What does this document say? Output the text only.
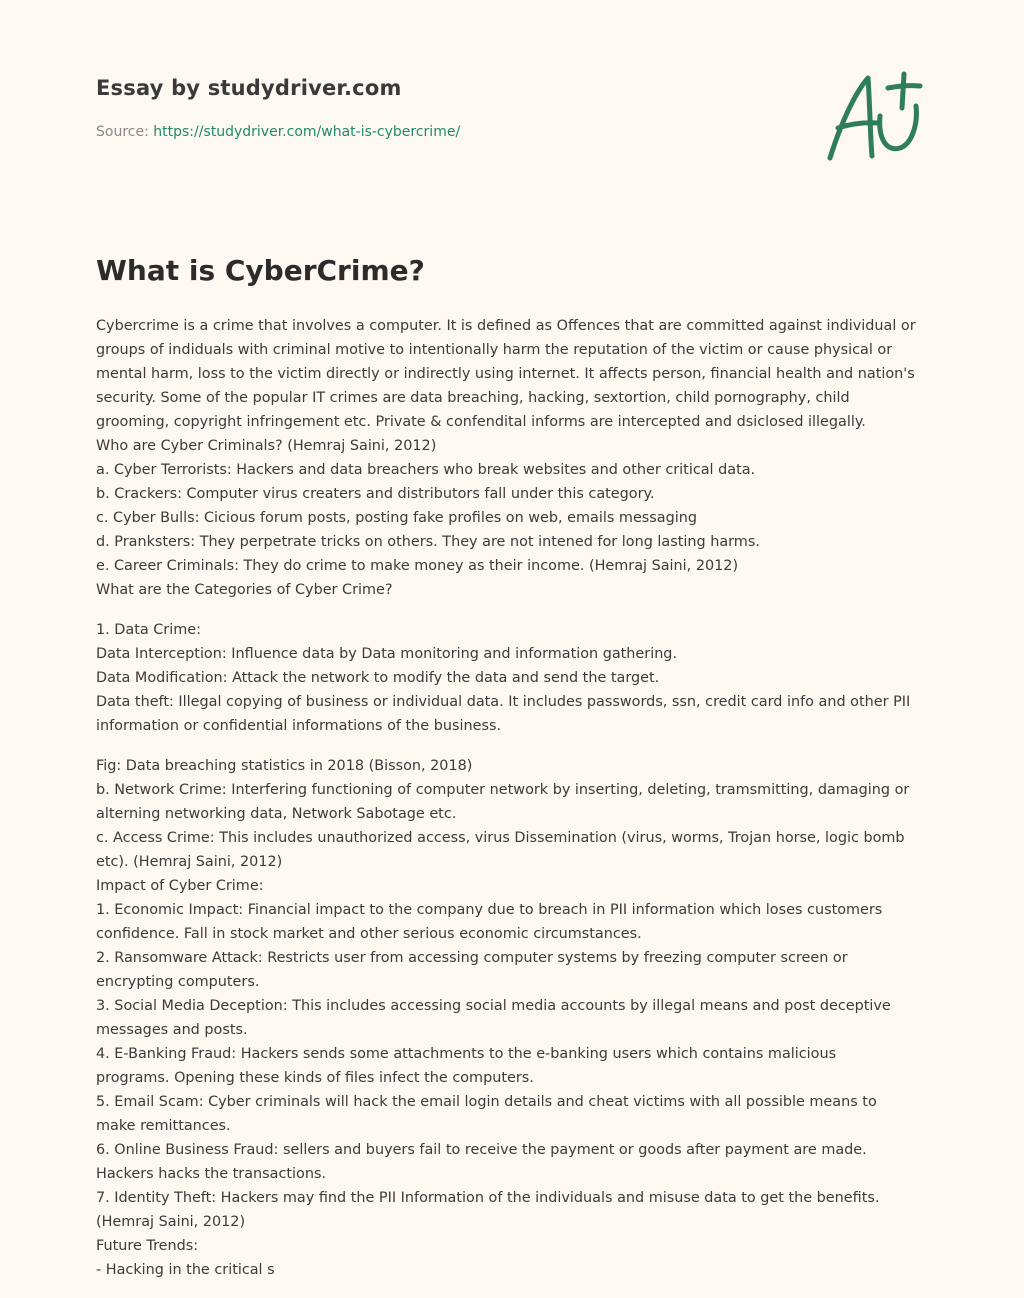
Essay by studydriver.com
Source: https://studydriver.com/what-is-cybercrime/
What is CyberCrime?

Cybercrime is a crime that involves a computer. It is defined as Offences that are committed against individual or

groups of indiduals with criminal motive to intentionally harm the reputation of the victim or cause physical or

mental harm, loss to the victim directly or indirectly using internet. It affects person, financial health and nation's

security. Some of the popular IT crimes are data breaching, hacking, sextortion, child pornography, child

grooming, copyright infringement etc. Private & confendital informs are intercepted and dsiclosed illegally.

Who are Cyber Criminals? (Hemraj Saini, 2012)

a. Cyber Terrorists: Hackers and data breachers who break websites and other critical data.

b. Crackers: Computer virus creaters and distributors fall under this category.

c. Cyber Bulls: Cicious forum posts, posting fake profiles on web, emails messaging

d. Pranksters: They perpetrate tricks on others. They are not intened for long lasting harms.

e. Career Criminals: They do crime to make money as their income. (Hemraj Saini, 2012)

What are the Categories of Cyber Crime?

1. Data Crime:

Data Interception: Influence data by Data monitoring and information gathering.

Data Modification: Attack the network to modify the data and send the target.

Data theft: Illegal copying of business or individual data. It includes passwords, ssn, credit card info and other PII

information or confidential informations of the business.

Fig: Data breaching statistics in 2018 (Bisson, 2018)

b. Network Crime: Interfering functioning of computer network by inserting, deleting, tramsmitting, damaging or

alterning networking data, Network Sabotage etc.

c. Access Crime: This includes unauthorized access, virus Dissemination (virus, worms, Trojan horse, logic bomb

etc). (Hemraj Saini, 2012)

Impact of Cyber Crime:

1. Economic Impact: Financial impact to the company due to breach in PII information which loses customers

confidence. Fall in stock market and other serious economic circumstances.

2. Ransomware Attack: Restricts user from accessing computer systems by freezing computer screen or

encrypting computers.

3. Social Media Deception: This includes accessing social media accounts by illegal means and post deceptive

messages and posts.

4. E-Banking Fraud: Hackers sends some attachments to the e-banking users which contains malicious

programs. Opening these kinds of files infect the computers.

5. Email Scam: Cyber criminals will hack the email login details and cheat victims with all possible means to

make remittances.

6. Online Business Fraud: sellers and buyers fail to receive the payment or goods after payment are made.

Hackers hacks the transactions.

7. Identity Theft: Hackers may find the PII Information of the individuals and misuse data to get the benefits.

(Hemraj Saini, 2012)

Future Trends:

- Hacking in the critical s
